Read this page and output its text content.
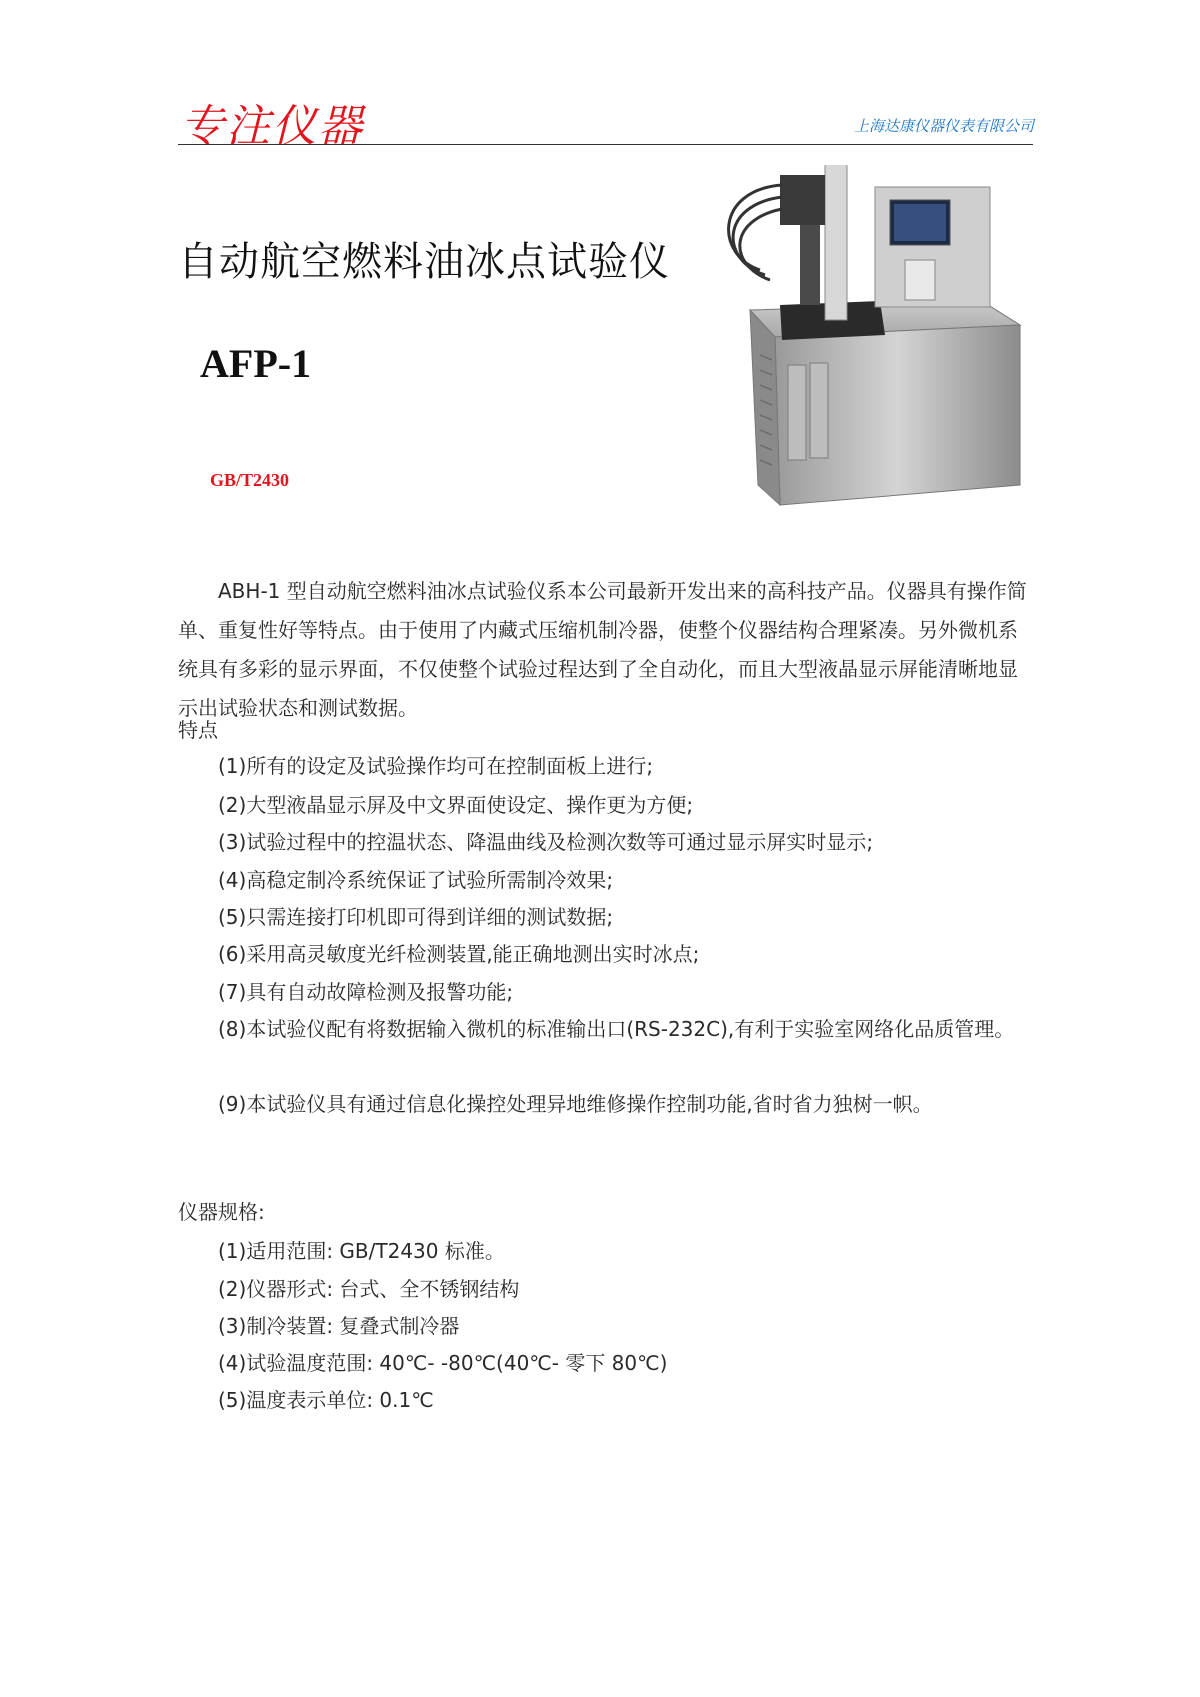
专注仪器	上海达康仪器仪表有限公司
自动航空燃料油冰点试验仪
AFP-1
GB/T2430
ABH-1 型自动航空燃料油冰点试验仪系本公司最新开发出来的高科技产品。仪器具有操作简单、重复性好等特点。由于使用了内藏式压缩机制冷器，使整个仪器结构合理紧凑。另外微机系统具有多彩的显示界面，不仅使整个试验过程达到了全自动化，而且大型液晶显示屏能清晰地显示出试验状态和测试数据。
特点
(1)所有的设定及试验操作均可在控制面板上进行;
(2)大型液晶显示屏及中文界面使设定、操作更为方便;
(3)试验过程中的控温状态、降温曲线及检测次数等可通过显示屏实时显示;
(4)高稳定制冷系统保证了试验所需制冷效果;
(5)只需连接打印机即可得到详细的测试数据;
(6)采用高灵敏度光纤检测装置,能正确地测出实时冰点;
(7)具有自动故障检测及报警功能;
(8)本试验仪配有将数据输入微机的标准输出口(RS-232C),有利于实验室网络化品质管理。
(9)本试验仪具有通过信息化操控处理异地维修操作控制功能,省时省力独树一帜。
仪器规格:
(1)适用范围: GB/T2430 标准。
(2)仪器形式: 台式、全不锈钢结构
(3)制冷装置: 复叠式制冷器
(4)试验温度范围: 40℃- -80℃(40℃- 零下 80℃)
(5)温度表示单位: 0.1℃
